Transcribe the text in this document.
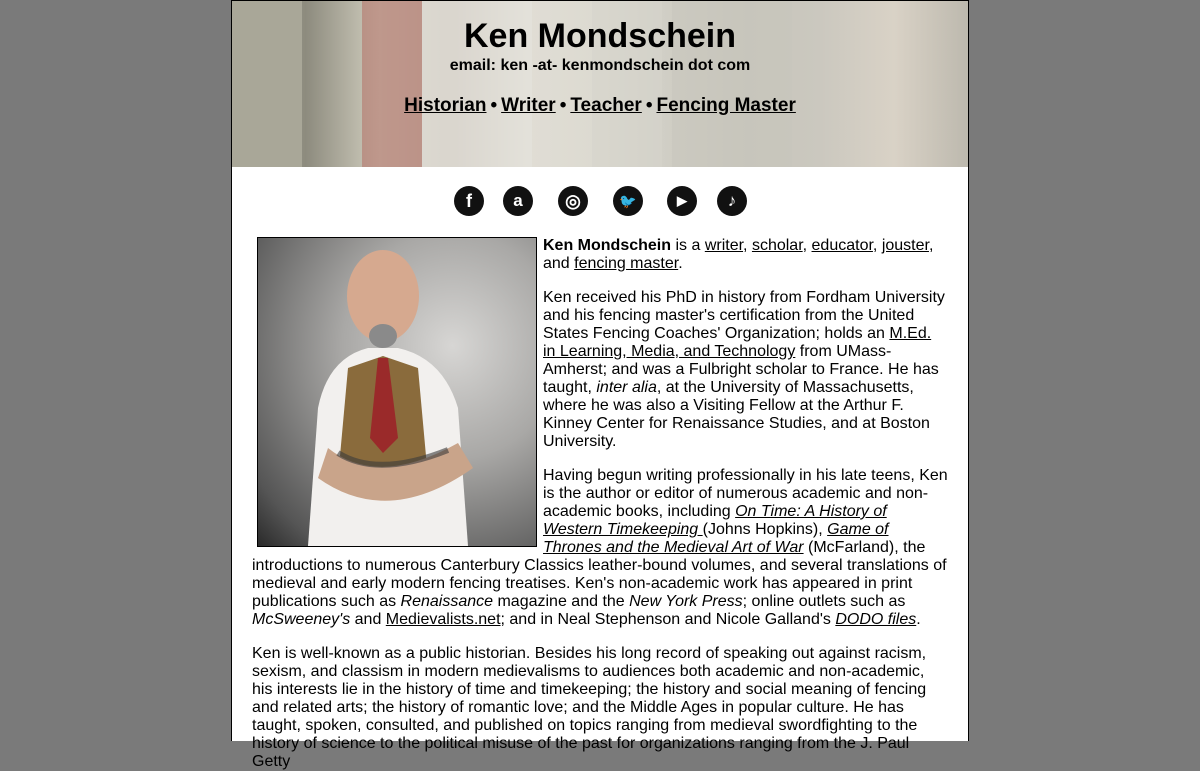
Ken Mondschein
email: ken -at- kenmondschein dot com
Historian • Writer • Teacher • Fencing Master
f	a	◎	🐦	▶	♪

Ken Mondschein is a writer, scholar, educator, jouster, and fencing master.

Ken received his PhD in history from Fordham University and his fencing master's certification from the United States Fencing Coaches' Organization; holds an M.Ed. in Learning, Media, and Technology from UMass-Amherst; and was a Fulbright scholar to France. He has taught, inter alia, at the University of Massachusetts, where he was also a Visiting Fellow at the Arthur F. Kinney Center for Renaissance Studies, and at Boston University.

Having begun writing professionally in his late teens, Ken is the author or editor of numerous academic and non-academic books, including On Time: A History of Western Timekeeping (Johns Hopkins), Game of Thrones and the Medieval Art of War (McFarland), the introductions to numerous Canterbury Classics leather-bound volumes, and several translations of medieval and early modern fencing treatises. Ken's non-academic work has appeared in print publications such as Renaissance magazine and the New York Press; online outlets such as McSweeney's and Medievalists.net; and in Neal Stephenson and Nicole Galland's DODO files.

Ken is well-known as a public historian. Besides his long record of speaking out against racism, sexism, and classism in modern medievalisms to audiences both academic and non-academic, his interests lie in the history of time and timekeeping; the history and social meaning of fencing and related arts; the history of romantic love; and the Middle Ages in popular culture. He has taught, spoken, consulted, and published on topics ranging from medieval swordfighting to the history of science to the political misuse of the past for organizations ranging from the J. Paul Getty
